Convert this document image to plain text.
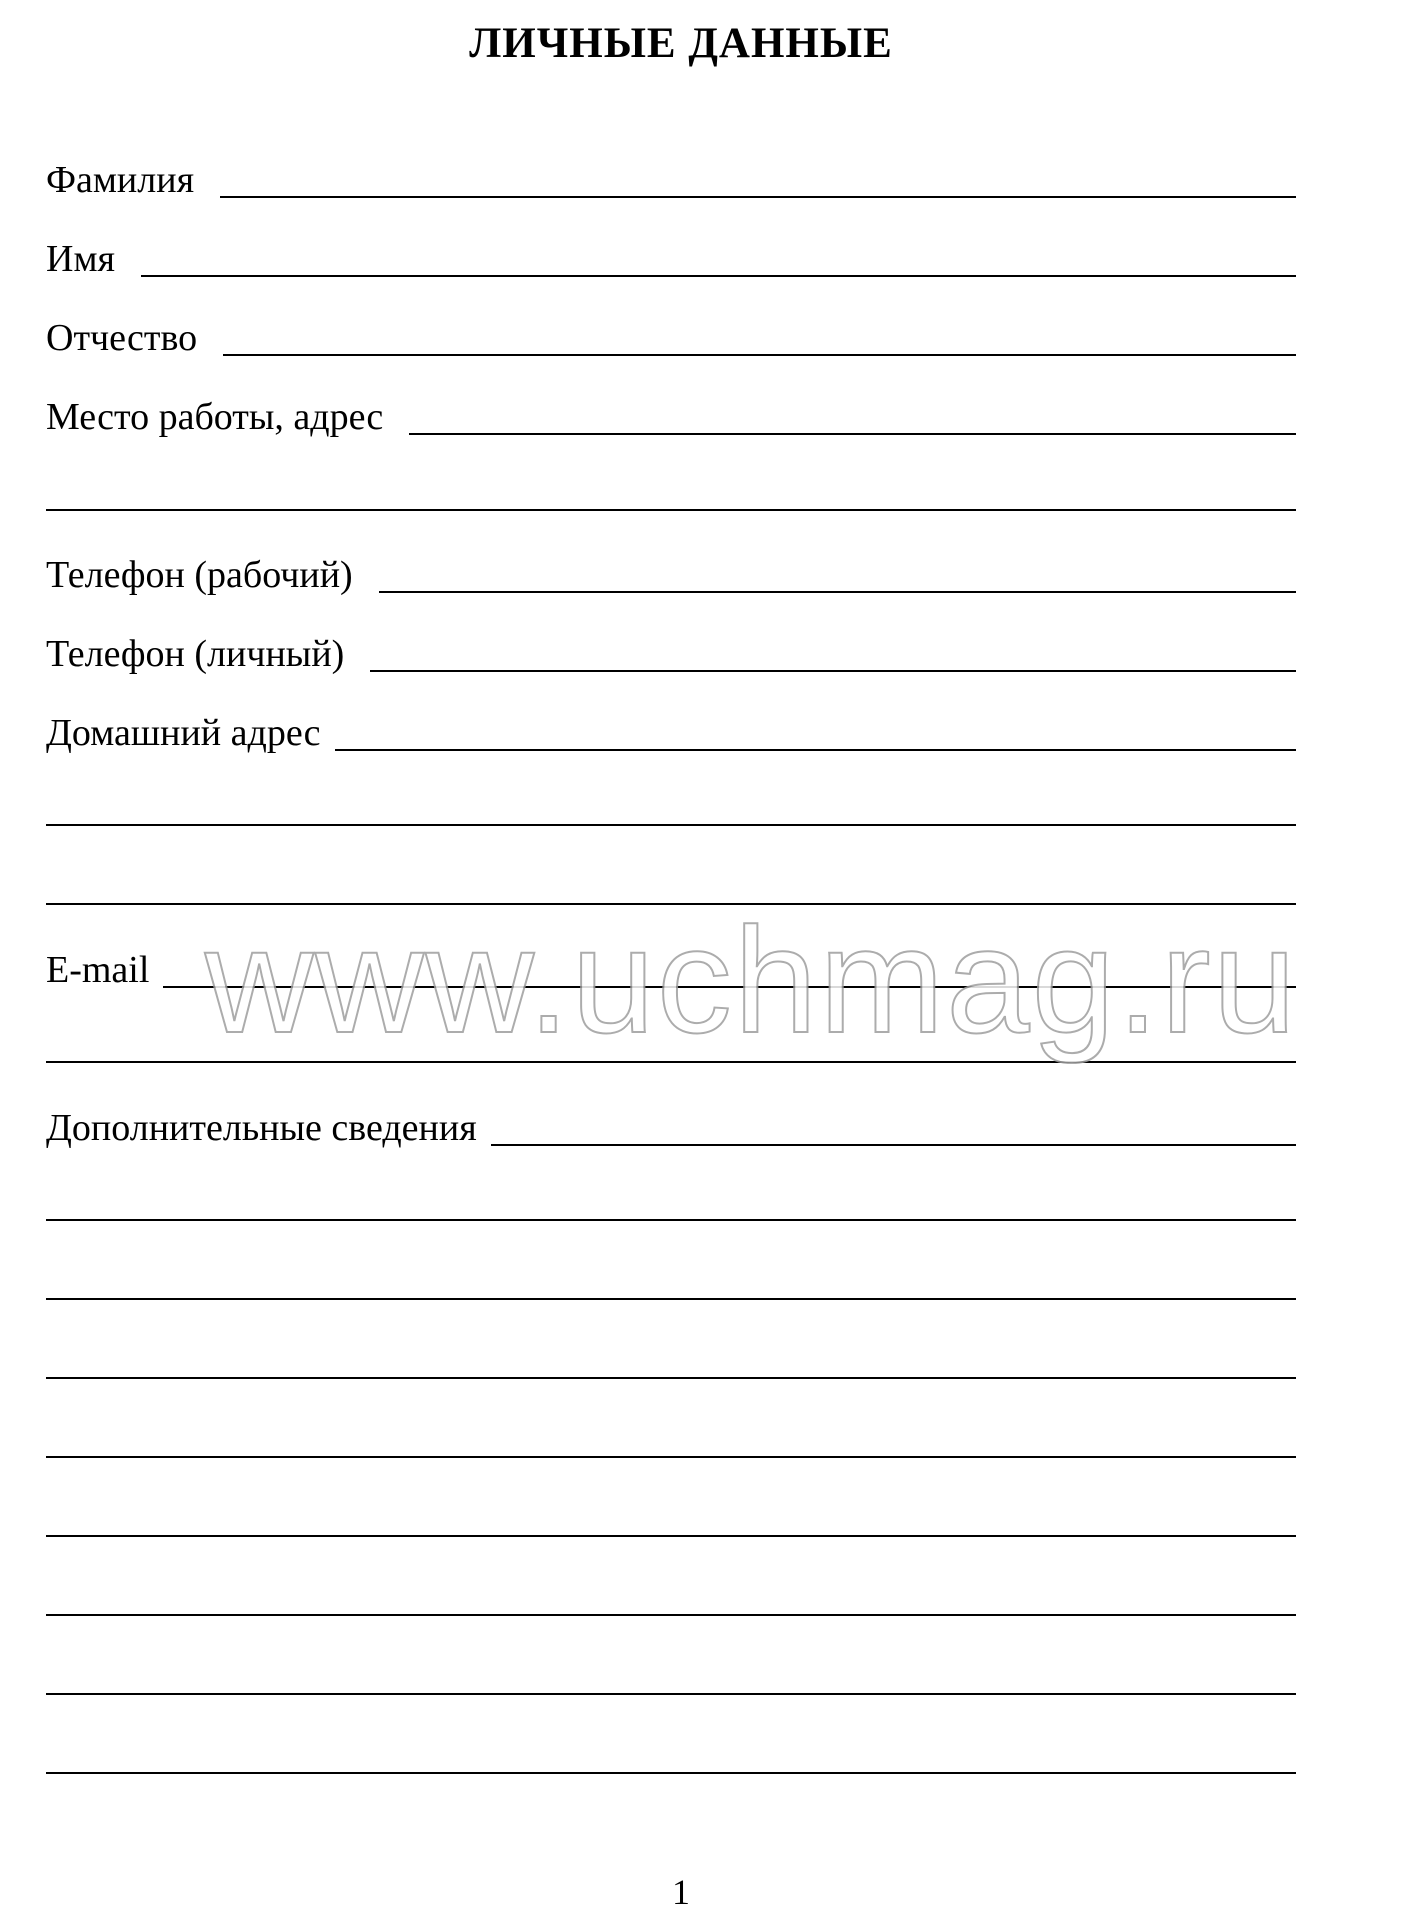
ЛИЧНЫЕ ДАННЫЕ
Фамилия
Имя
Отчество
Место работы, адрес
Телефон (рабочий)
Телефон (личный)
Домашний адрес
E-mail
Дополнительные сведения
www.uchmag.ru
1
